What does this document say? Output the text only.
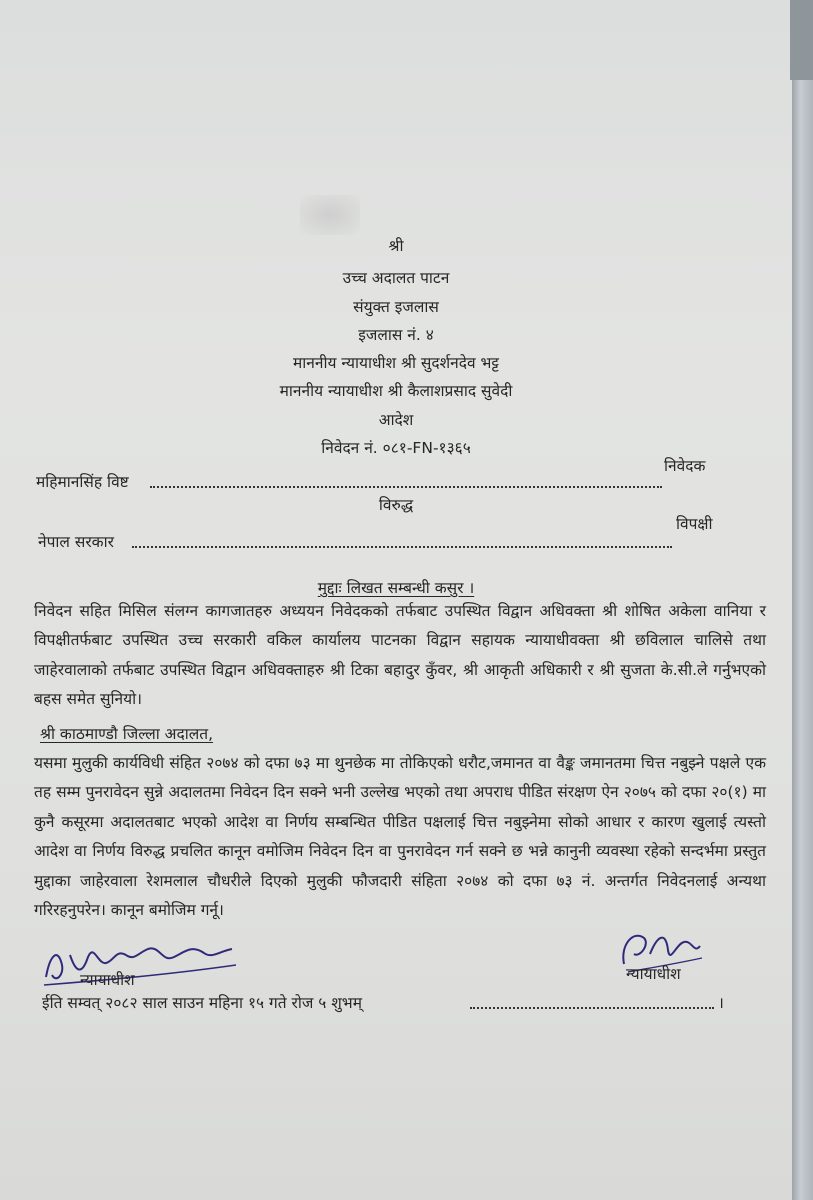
श्री
उच्च अदालत पाटन
संयुक्त इजलास
इजलास नं. ४
माननीय न्यायाधीश श्री सुदर्शनदेव भट्ट
माननीय न्यायाधीश श्री कैलाशप्रसाद सुवेदी
आदेश
निवेदन नं. ०८१-FN-१३६५
महिमानसिंह विष्ट
निवेदक
विरुद्ध
नेपाल सरकार
विपक्षी
मुद्दाः लिखत सम्बन्धी कसुर ।
निवेदन सहित मिसिल संलग्न कागजातहरु अध्ययन निवेदकको तर्फबाट उपस्थित विद्वान अधिवक्ता श्री शोषित अकेला वानिया र विपक्षीतर्फबाट उपस्थित उच्च सरकारी वकिल कार्यालय पाटनका विद्वान सहायक न्यायाधीवक्ता श्री छविलाल चालिसे तथा जाहेरवालाको तर्फबाट उपस्थित विद्वान अधिवक्ताहरु श्री टिका बहादुर कुँवर, श्री आकृती अधिकारी र श्री सुजता के.सी.ले गर्नुभएको बहस समेत सुनियो।
श्री काठमाण्डौ जिल्ला अदालत,
यसमा मुलुकी कार्यविधी संहित २०७४ को दफा ७३ मा थुनछेक मा तोकिएको धरौट,जमानत वा वैङ्क जमानतमा चित्त नबुझ्ने पक्षले एक तह सम्म पुनरावेदन सुन्ने अदालतमा निवेदन दिन सक्ने भनी उल्लेख भएको तथा अपराध पीडित संरक्षण ऐन २०७५ को दफा २०(१) मा कुनै कसूरमा अदालतबाट भएको आदेश वा निर्णय सम्बन्धित पीडित पक्षलाई चित्त नबुझ्नेमा सोको आधार र कारण खुलाई त्यस्तो आदेश वा निर्णय विरुद्ध प्रचलित कानून वमोजिम निवेदन दिन वा पुनरावेदन गर्न सक्ने छ भन्ने कानुनी व्यवस्था रहेको सन्दर्भमा प्रस्तुत मुद्दाका जाहेरवाला रेशमलाल चौधरीले दिएको मुलुकी फौजदारी संहिता २०७४ को दफा ७३ नं. अन्तर्गत निवेदनलाई अन्यथा गरिरहनुपरेन। कानून बमोजिम गर्नू।
न्यायाधीश	न्यायाधीश
ईति सम्वत् २०८२ साल साउन महिना १५ गते रोज ५ शुभम्	।
